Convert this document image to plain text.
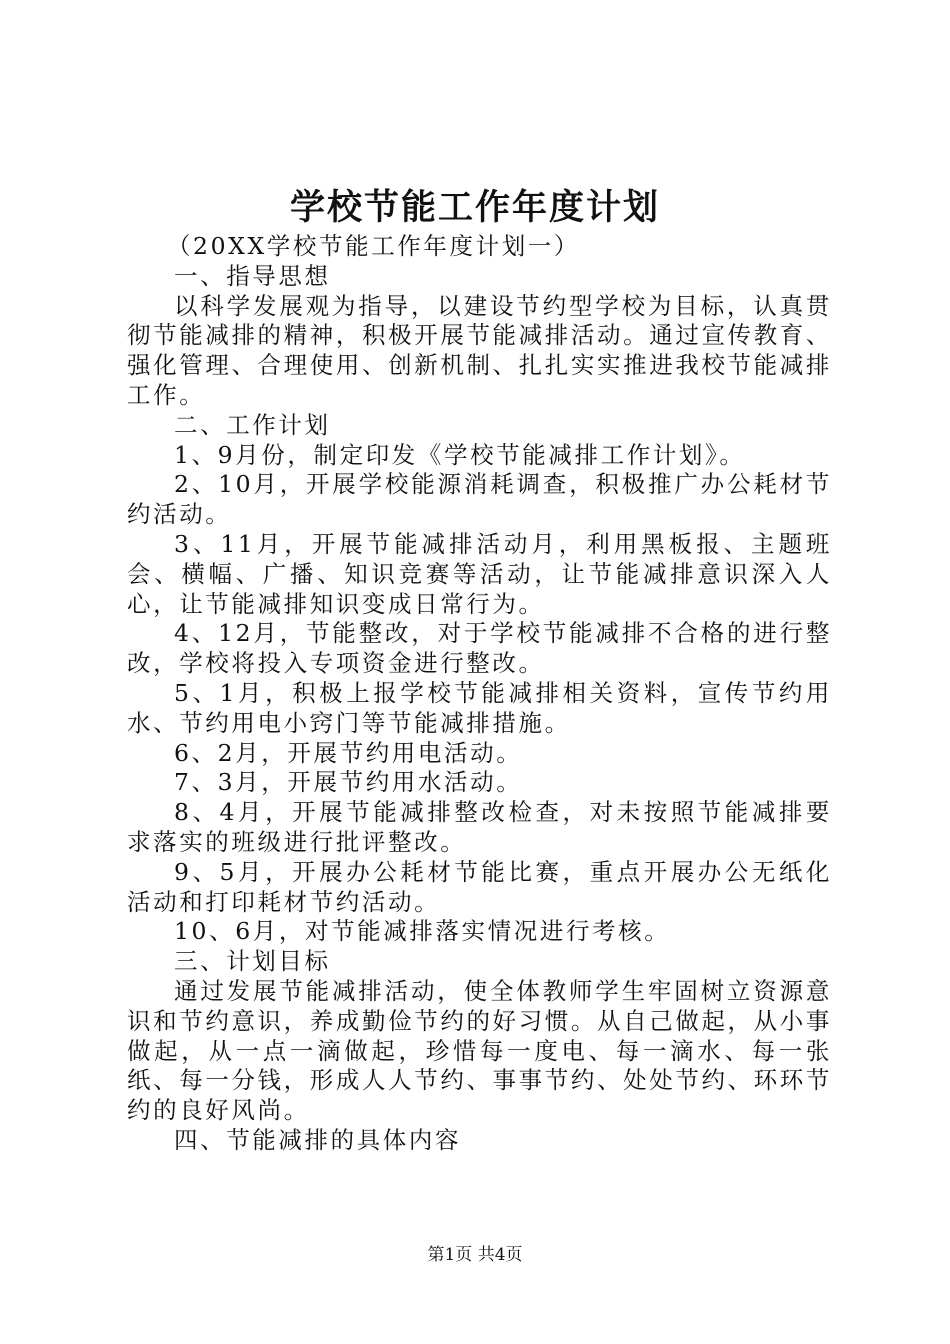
学校节能工作年度计划

（20XX学校节能工作年度计划一）

一、指导思想

以科学发展观为指导，以建设节约型学校为目标，认真贯彻节能减排的精神，积极开展节能减排活动。通过宣传教育、强化管理、合理使用、创新机制、扎扎实实推进我校节能减排工作。

二、工作计划

1、9月份，制定印发《学校节能减排工作计划》。

2、10月，开展学校能源消耗调查，积极推广办公耗材节约活动。

3、11月，开展节能减排活动月，利用黑板报、主题班会、横幅、广播、知识竞赛等活动，让节能减排意识深入人心，让节能减排知识变成日常行为。

4、12月，节能整改，对于学校节能减排不合格的进行整改，学校将投入专项资金进行整改。

5、1月，积极上报学校节能减排相关资料，宣传节约用水、节约用电小窍门等节能减排措施。

6、2月，开展节约用电活动。

7、3月，开展节约用水活动。

8、4月，开展节能减排整改检查，对未按照节能减排要求落实的班级进行批评整改。

9、5月，开展办公耗材节能比赛，重点开展办公无纸化活动和打印耗材节约活动。

10、6月，对节能减排落实情况进行考核。

三、计划目标

通过发展节能减排活动，使全体教师学生牢固树立资源意识和节约意识，养成勤俭节约的好习惯。从自己做起，从小事做起，从一点一滴做起，珍惜每一度电、每一滴水、每一张纸、每一分钱，形成人人节约、事事节约、处处节约、环环节约的良好风尚。

四、节能减排的具体内容

第1页 共4页
